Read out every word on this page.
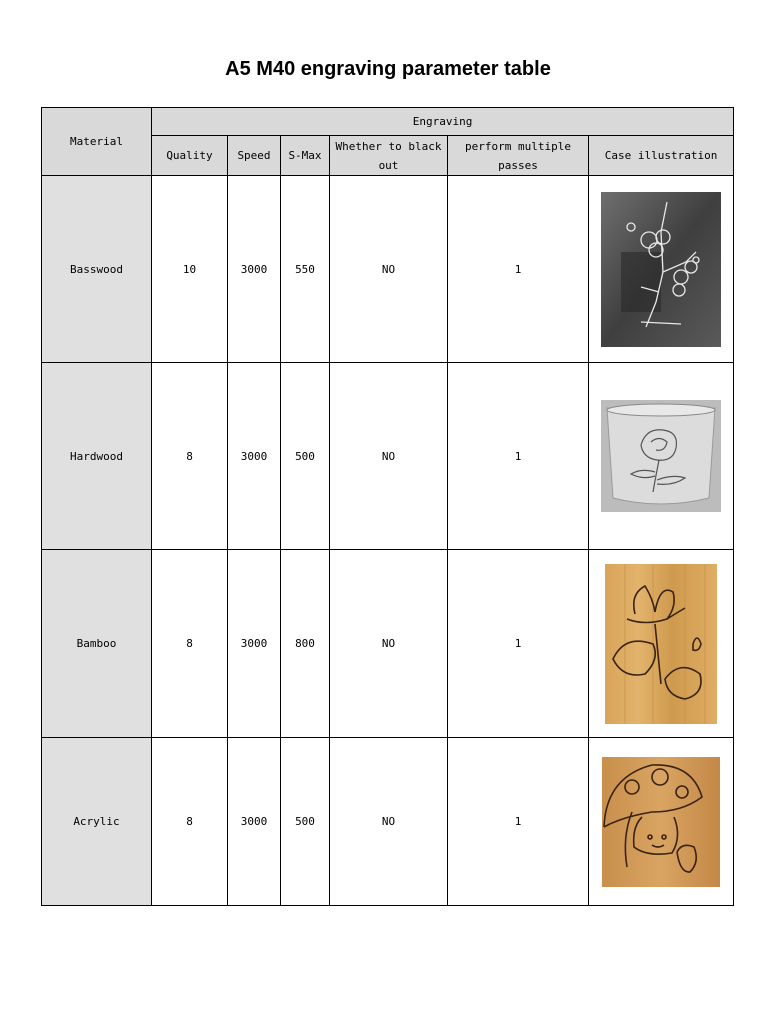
A5 M40 engraving parameter table
Material	Engraving					
	Quality	Speed	S-Max	Whether to black out	perform multiple passes	Case illustration
Basswood	10	3000	550	NO	1	

Hardwood	8	3000	500	NO	1	

Bamboo	8	3000	800	NO	1	

Acrylic	8	3000	500	NO	1	
